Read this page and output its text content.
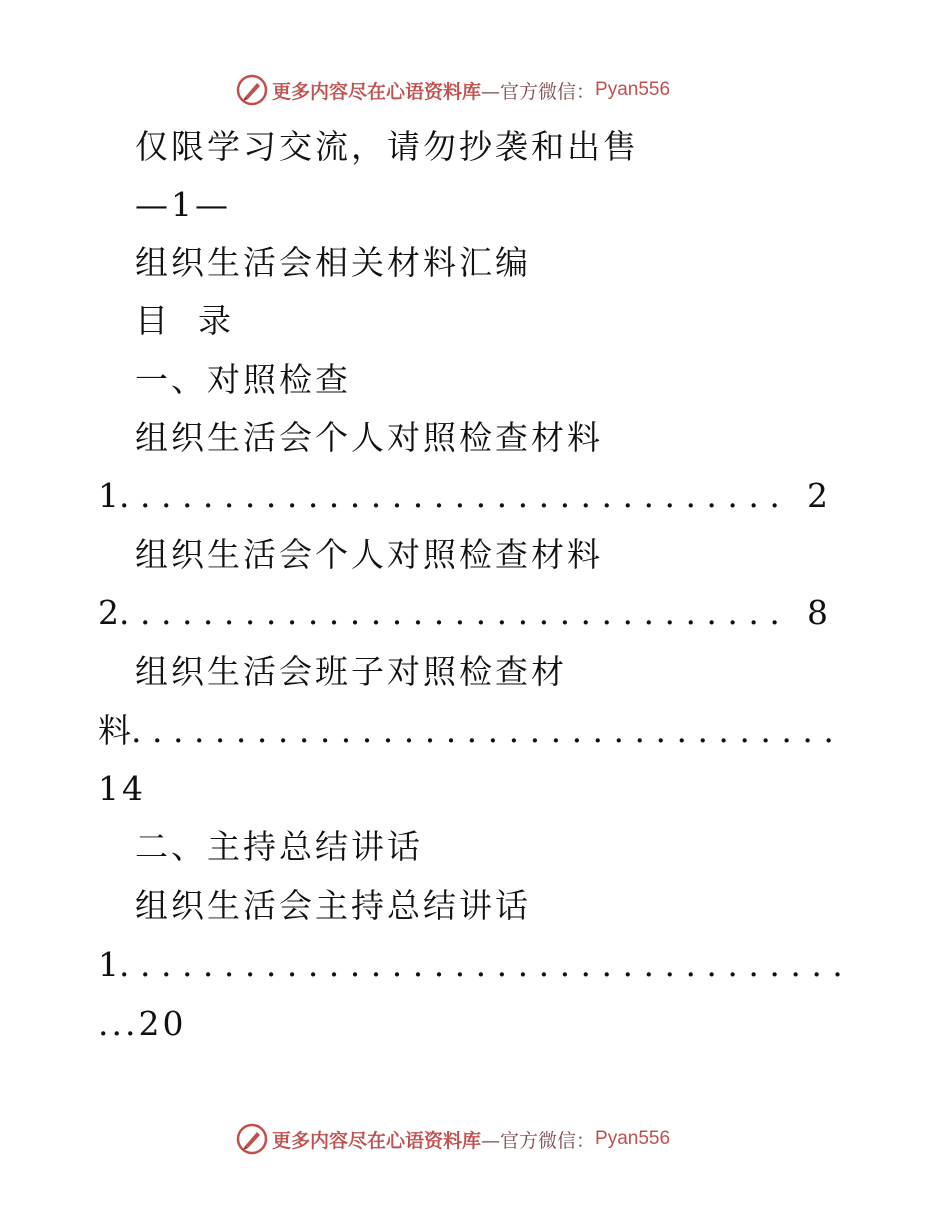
更多内容尽在心语资料库 —官方微信： Pyan556
仅限学习交流，请勿抄袭和出售
—1—
组织生活会相关材料汇编
目  录
一、对照检查
组织生活会个人对照检查材料
1 . . .	2
组织生活会个人对照检查材料
2 . . .	8
组织生活会班子对照检查材
料
. . .
14
二、主持总结讲话
组织生活会主持总结讲话
1
. . .
...20
更多内容尽在心语资料库 —官方微信： Pyan556
